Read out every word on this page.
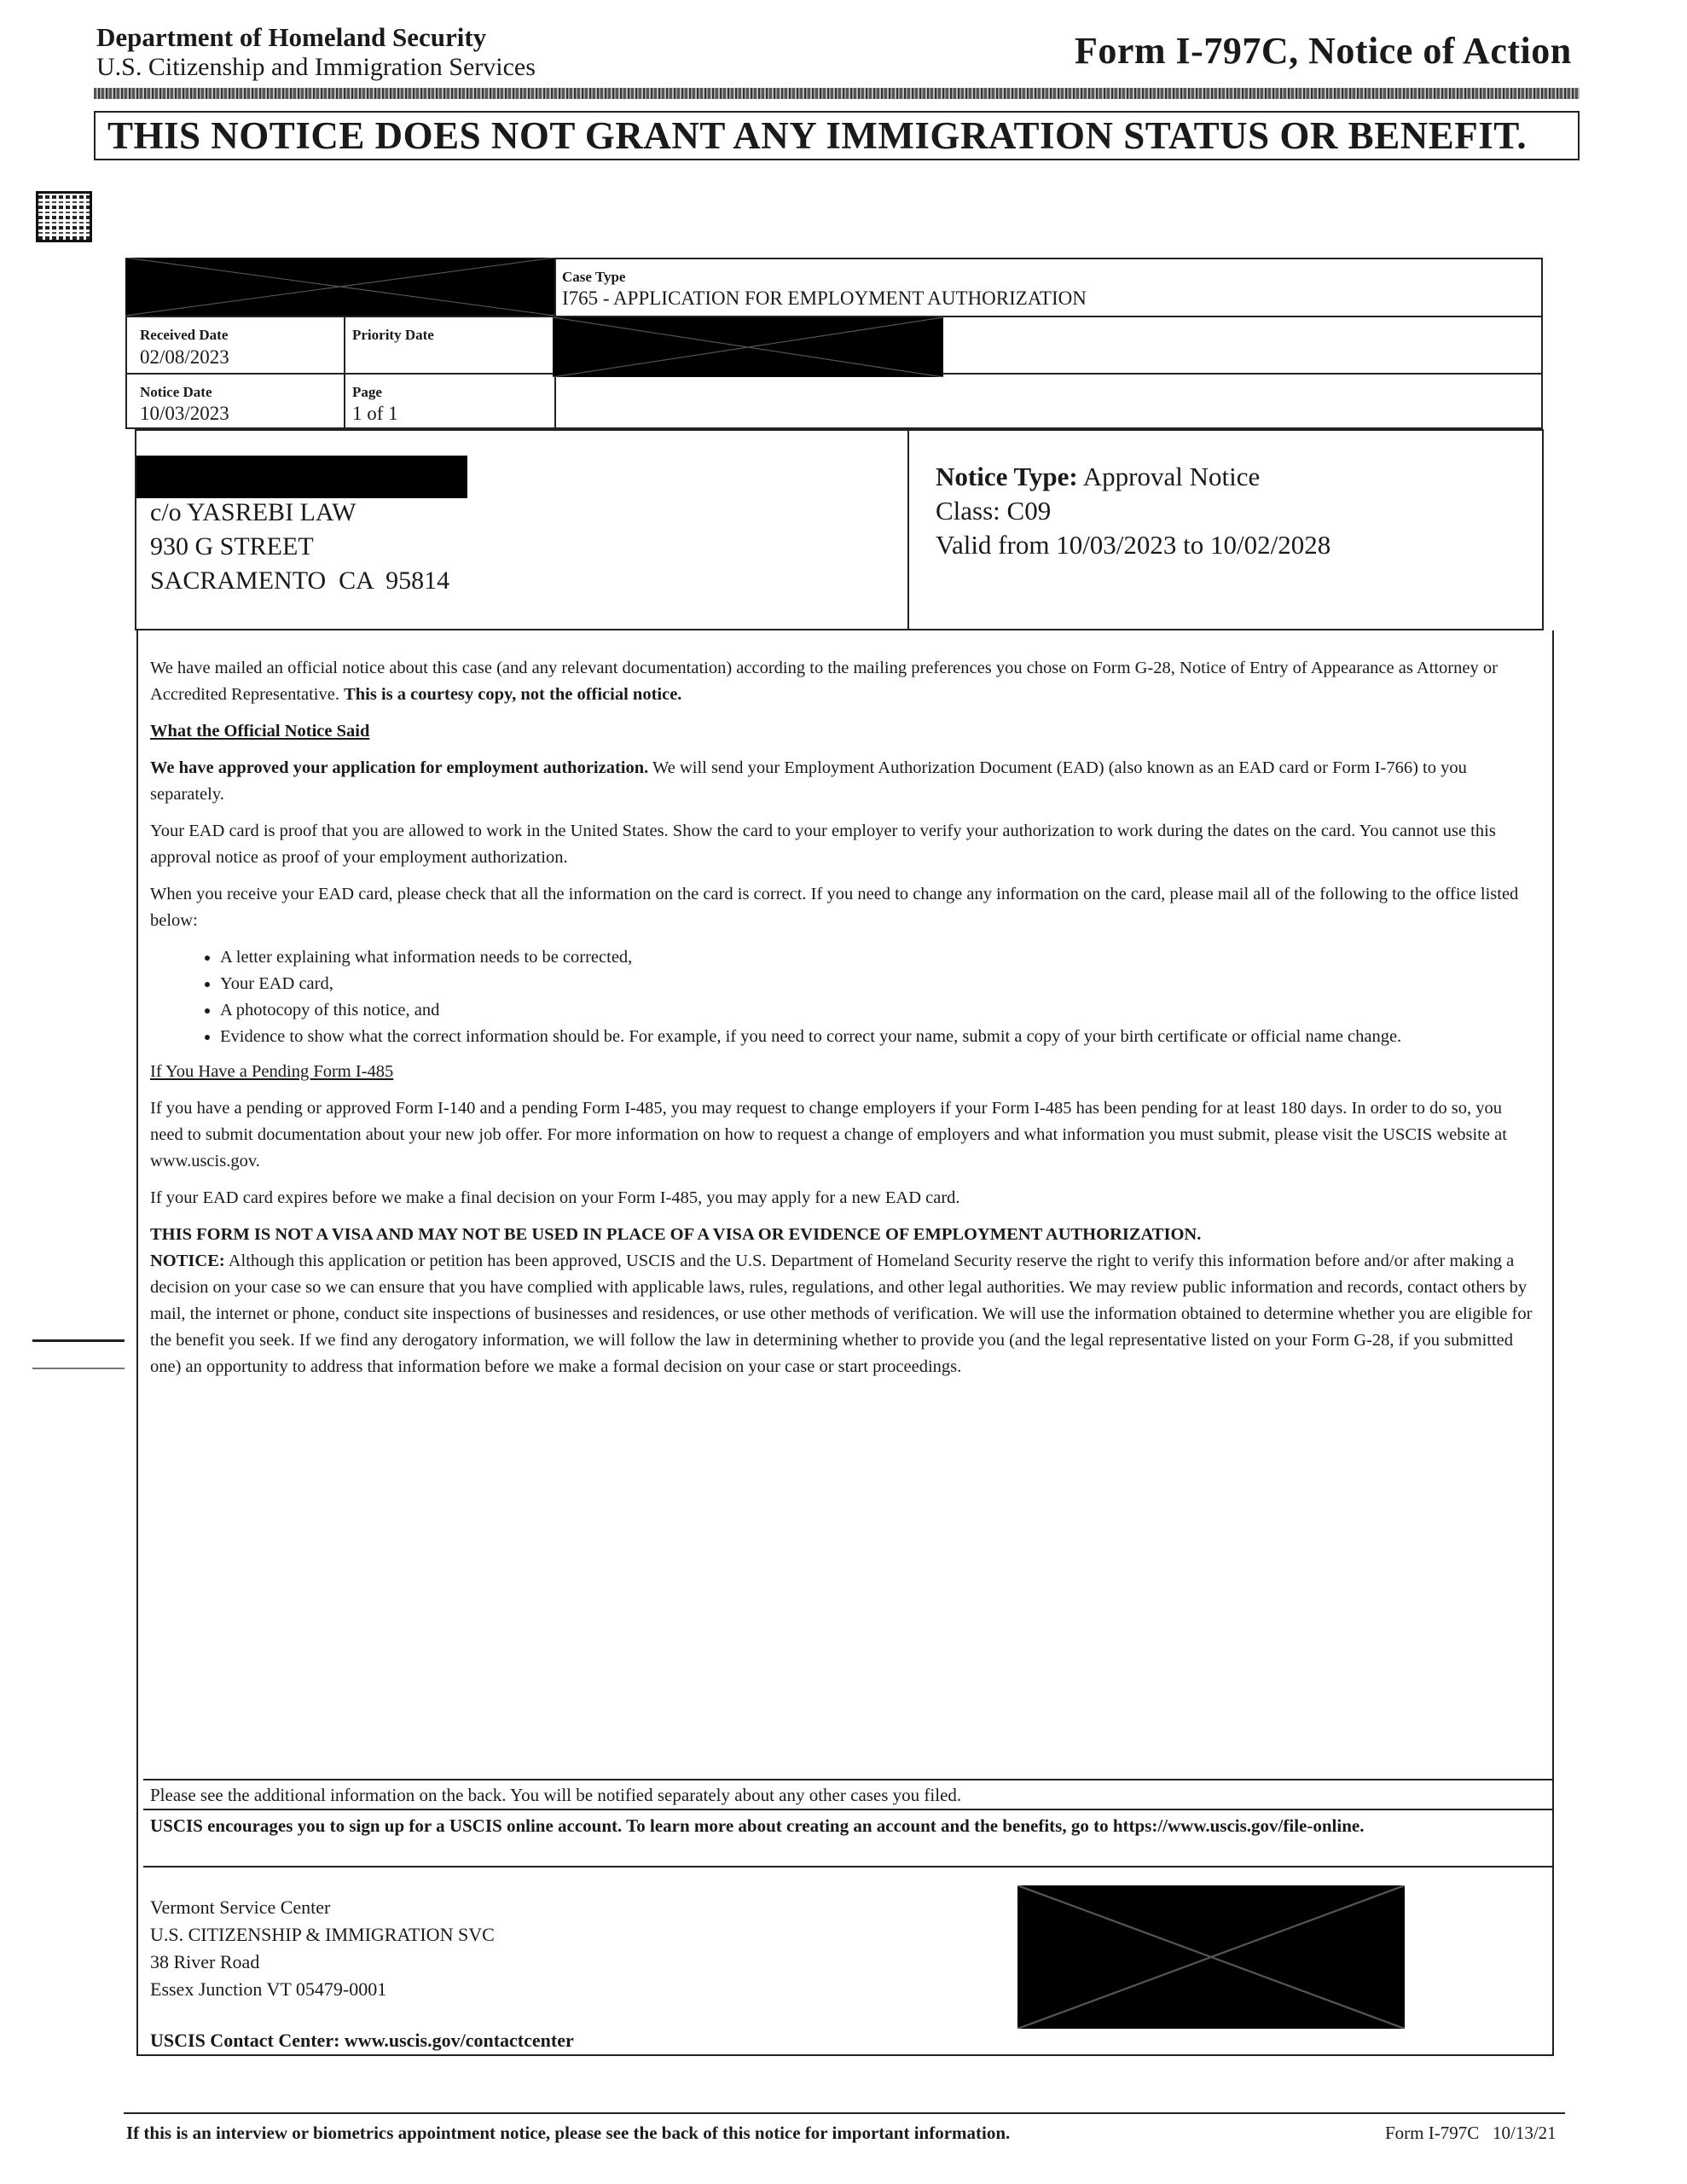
Department of Homeland Security
U.S. Citizenship and Immigration Services	Form I-797C, Notice of Action
THIS NOTICE DOES NOT GRANT ANY IMMIGRATION STATUS OR BENEFIT.
Case Type
I765 - APPLICATION FOR EMPLOYMENT AUTHORIZATION
Received Date
02/08/2023
Priority Date
Notice Date
10/03/2023
Page
1 of 1
c/o YASREBI LAW
930 G STREET
SACRAMENTO  CA  95814
Notice Type: Approval Notice
Class: C09
Valid from 10/03/2023 to 10/02/2028

We have mailed an official notice about this case (and any relevant documentation) according to the mailing preferences you chose on Form G-28, Notice of Entry of Appearance as Attorney or Accredited Representative. This is a courtesy copy, not the official notice.

What the Official Notice Said

We have approved your application for employment authorization. We will send your Employment Authorization Document (EAD) (also known as an EAD card or Form I-766) to you separately.

Your EAD card is proof that you are allowed to work in the United States. Show the card to your employer to verify your authorization to work during the dates on the card. You cannot use this approval notice as proof of your employment authorization.

When you receive your EAD card, please check that all the information on the card is correct. If you need to change any information on the card, please mail all of the following to the office listed below:

• A letter explaining what information needs to be corrected,
• Your EAD card,
• A photocopy of this notice, and
• Evidence to show what the correct information should be. For example, if you need to correct your name, submit a copy of your birth certificate or official name change.

If You Have a Pending Form I-485

If you have a pending or approved Form I-140 and a pending Form I-485, you may request to change employers if your Form I-485 has been pending for at least 180 days. In order to do so, you need to submit documentation about your new job offer. For more information on how to request a change of employers and what information you must submit, please visit the USCIS website at www.uscis.gov.

If your EAD card expires before we make a final decision on your Form I-485, you may apply for a new EAD card.

THIS FORM IS NOT A VISA AND MAY NOT BE USED IN PLACE OF A VISA OR EVIDENCE OF EMPLOYMENT AUTHORIZATION.

NOTICE: Although this application or petition has been approved, USCIS and the U.S. Department of Homeland Security reserve the right to verify this information before and/or after making a decision on your case so we can ensure that you have complied with applicable laws, rules, regulations, and other legal authorities. We may review public information and records, contact others by mail, the internet or phone, conduct site inspections of businesses and residences, or use other methods of verification. We will use the information obtained to determine whether you are eligible for the benefit you seek. If we find any derogatory information, we will follow the law in determining whether to provide you (and the legal representative listed on your Form G-28, if you submitted one) an opportunity to address that information before we make a formal decision on your case or start proceedings.

Please see the additional information on the back. You will be notified separately about any other cases you filed.
USCIS encourages you to sign up for a USCIS online account. To learn more about creating an account and the benefits, go to https://www.uscis.gov/file-online.
Vermont Service Center
U.S. CITIZENSHIP & IMMIGRATION SVC
38 River Road
Essex Junction VT 05479-0001
USCIS Contact Center: www.uscis.gov/contactcenter
If this is an interview or biometrics appointment notice, please see the back of this notice for important information.	Form I-797C   10/13/21
